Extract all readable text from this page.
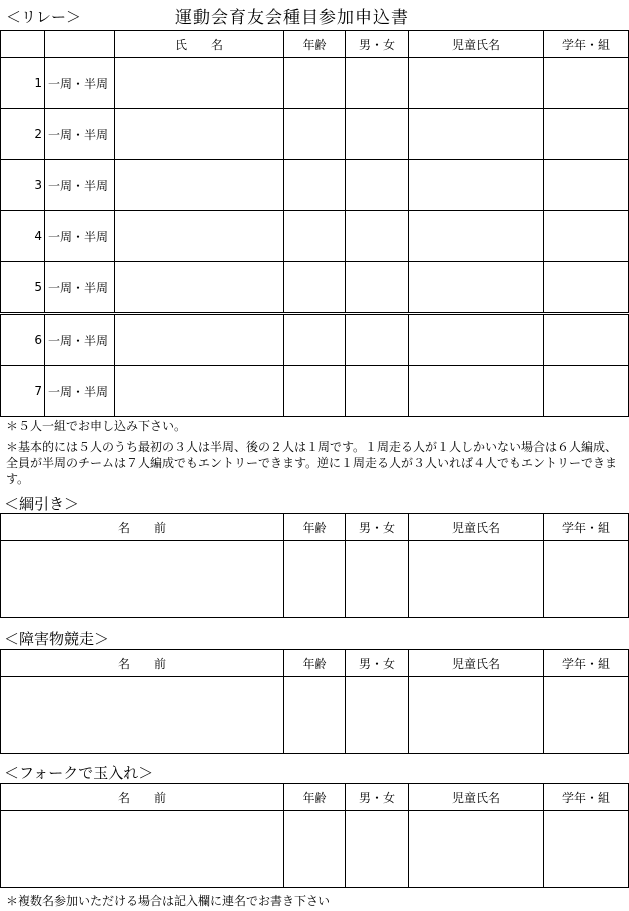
＜リレー＞	運動会育友会種目参加申込書
		氏　　名	年齢	男・女	児童氏名	学年・組
1	一周・半周					
2	一周・半周					
3	一周・半周					
4	一周・半周					
5	一周・半周					
6	一周・半周					
7	一周・半周					
＊５人一組でお申し込み下さい。
＊基本的には５人のうち最初の３人は半周、後の２人は１周です。１周走る人が１人しかいない場合は６人編成、全員が半周のチームは７人編成でもエントリーできます。逆に１周走る人が３人いれば４人でもエントリーできます。
＜綱引き＞
名　　前	年齢	男・女	児童氏名	学年・組

＜障害物競走＞
名　　前	年齢	男・女	児童氏名	学年・組

＜フォークで玉入れ＞
名　　前	年齢	男・女	児童氏名	学年・組

＊複数名参加いただける場合は記入欄に連名でお書き下さい
